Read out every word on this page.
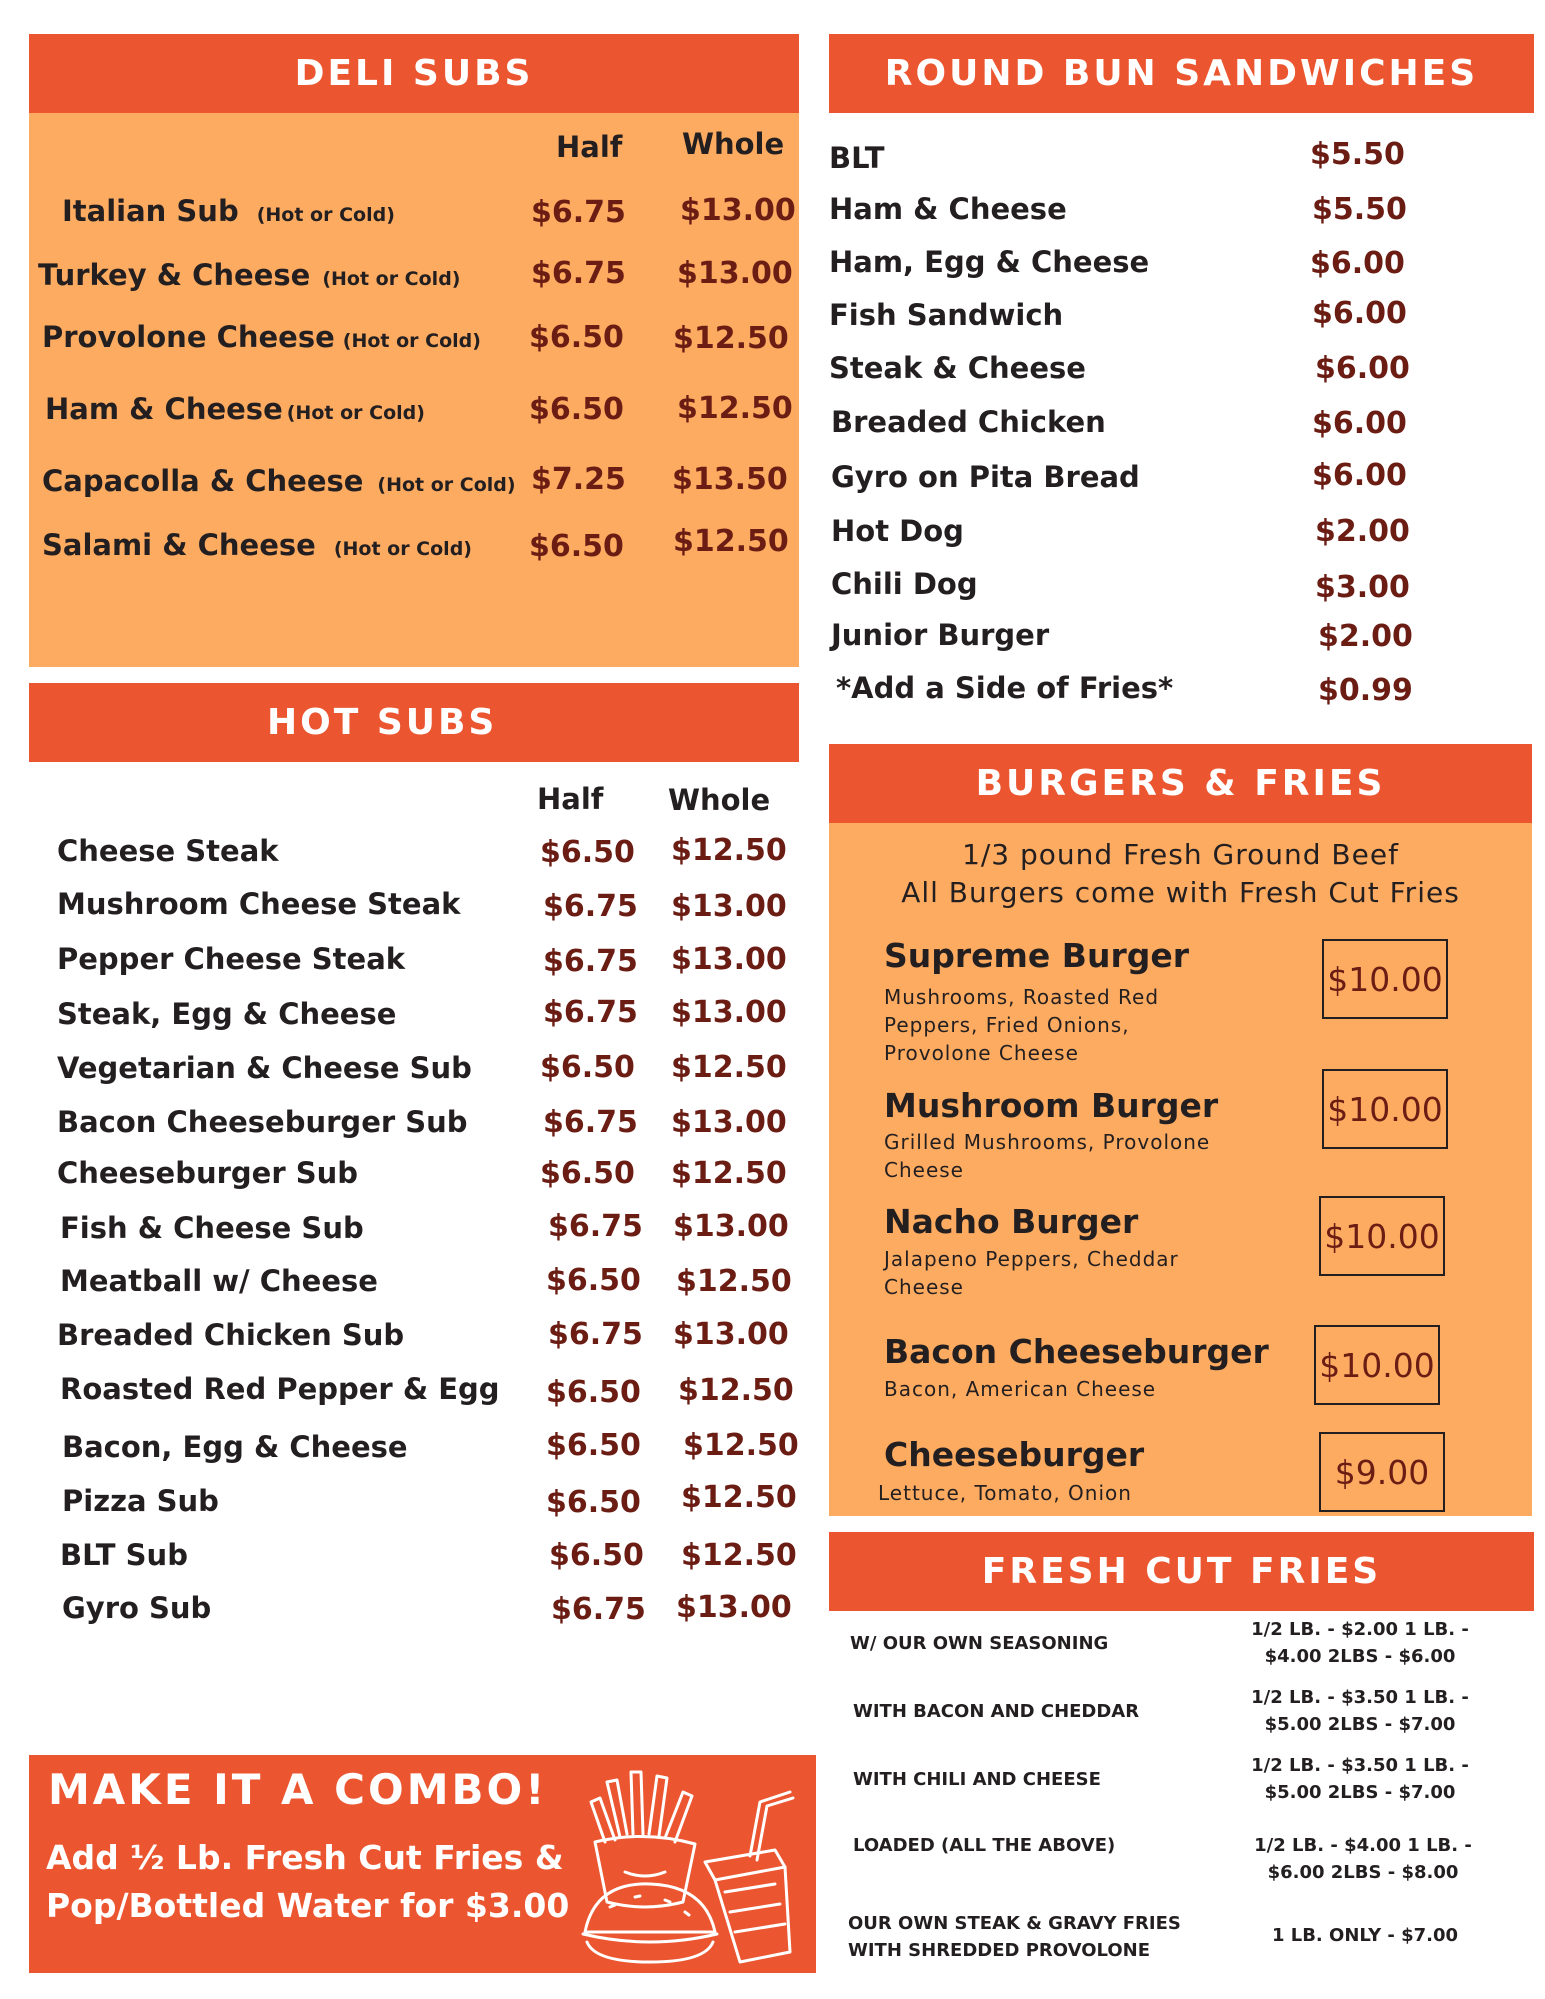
DELI SUBS
Half Whole
Italian Sub (Hot or Cold)	$6.75 $13.00
Turkey & Cheese (Hot or Cold) $6.75 $13.00
Provolone Cheese (Hot or Cold) $6.50 $12.50
Ham & Cheese (Hot or Cold)	$6.50 $12.50
Capacolla & Cheese (Hot or Cold) $7.25 $13.50
Salami & Cheese (Hot or Cold) $6.50 $12.50
HOT SUBS
Half Whole
Cheese Steak	$6.50 $12.50
Mushroom Cheese Steak	$6.75 $13.00
Pepper Cheese Steak	$6.75 $13.00
Steak, Egg & Cheese	$6.75 $13.00
Vegetarian & Cheese Sub $6.50 $12.50
Bacon Cheeseburger Sub	$6.75 $13.00
Cheeseburger Sub	$6.50 $12.50
Fish & Cheese Sub	$6.75 $13.00
Meatball w/ Cheese	$6.50 $12.50
Breaded Chicken Sub	$6.75 $13.00
Roasted Red Pepper & Egg $6.50 $12.50
Bacon, Egg & Cheese	$6.50 $12.50
Pizza Sub	$6.50 $12.50
BLT Sub	$6.50 $12.50
Gyro Sub	$6.75 $13.00
MAKE IT A COMBO!
Add ½ Lb. Fresh Cut Fries &
Pop/Bottled Water for $3.00
ROUND BUN SANDWICHES
BLT	$5.50
Ham & Cheese	$5.50
Ham, Egg & Cheese	$6.00
Fish Sandwich	$6.00
Steak & Cheese	$6.00
Breaded Chicken	$6.00
Gyro on Pita Bread	$6.00
Hot Dog	$2.00
Chili Dog	$3.00
Junior Burger	$2.00
*Add a Side of Fries*	$0.99
BURGERS & FRIES
1/3 pound Fresh Ground Beef
All Burgers come with Fresh Cut Fries
Supreme Burger
Mushrooms, Roasted Red Peppers, Fried Onions, Provolone Cheese
$10.00
Mushroom Burger
Grilled Mushrooms, Provolone Cheese
$10.00
Nacho Burger
Jalapeno Peppers, Cheddar Cheese
$10.00
Bacon Cheeseburger
Bacon, American Cheese
$10.00
Cheeseburger
Lettuce, Tomato, Onion
$9.00
FRESH CUT FRIES
W/ OUR OWN SEASONING
1/2 LB. - $2.00 1 LB. - $4.00 2LBS - $6.00
WITH BACON AND CHEDDAR
1/2 LB. - $3.50 1 LB. - $5.00 2LBS - $7.00
WITH CHILI AND CHEESE
1/2 LB. - $3.50 1 LB. - $5.00 2LBS - $7.00
LOADED (ALL THE ABOVE)	1/2 LB. - $4.00 1 LB. - $6.00 2LBS - $8.00
OUR OWN STEAK & GRAVY FRIES WITH SHREDDED PROVOLONE
1 LB. ONLY - $7.00
